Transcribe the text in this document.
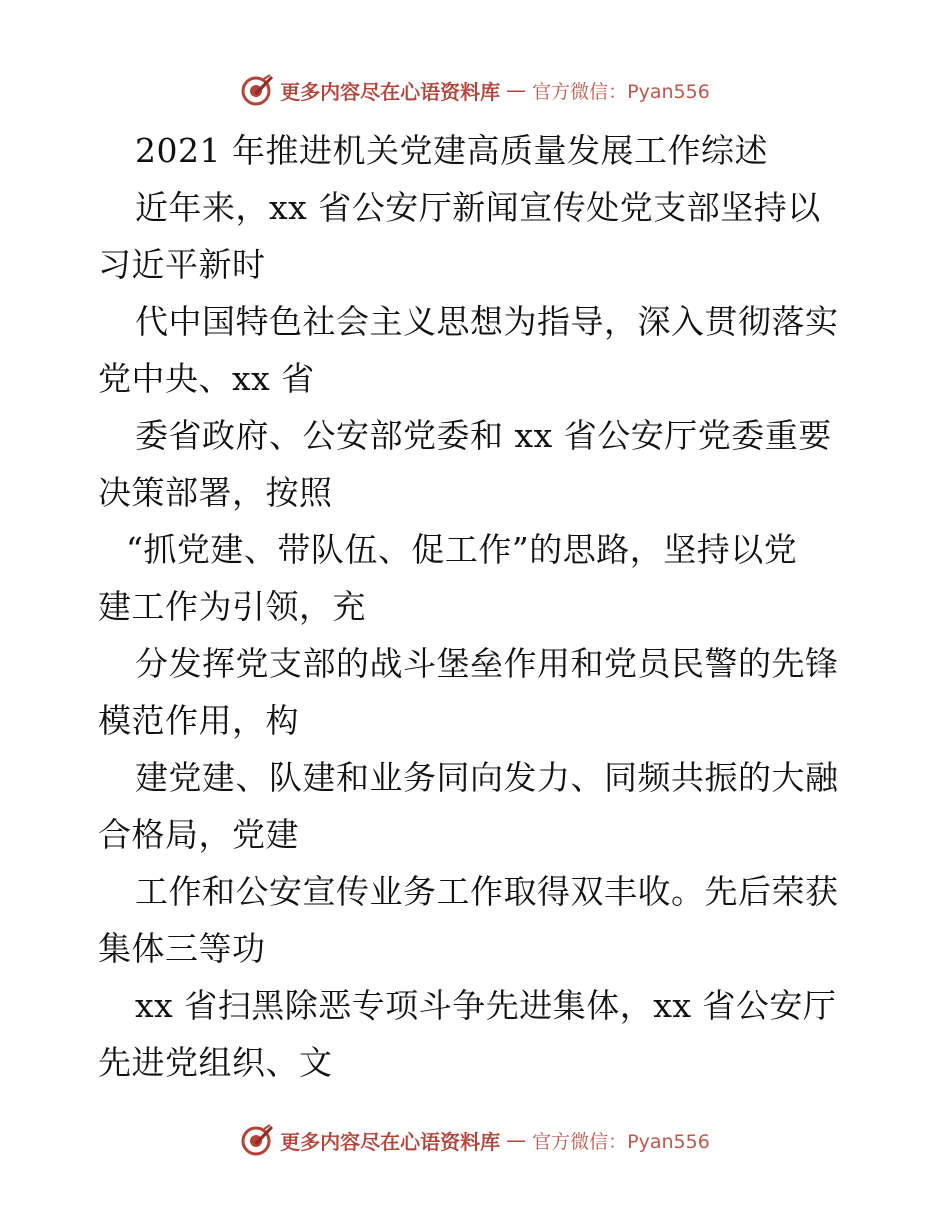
更多内容尽在心语资料库 — 官方微信：Pyan556
2021 年推进机关党建高质量发展工作综述
近年来，xx 省公安厅新闻宣传处党支部坚持以
习近平新时
代中国特色社会主义思想为指导，深入贯彻落实
党中央、xx 省
委省政府、公安部党委和 xx 省公安厅党委重要
决策部署，按照
“抓党建、带队伍、促工作”的思路，坚持以党
建工作为引领，充
分发挥党支部的战斗堡垒作用和党员民警的先锋
模范作用，构
建党建、队建和业务同向发力、同频共振的大融
合格局，党建
工作和公安宣传业务工作取得双丰收。先后荣获
集体三等功
xx 省扫黑除恶专项斗争先进集体，xx 省公安厅
先进党组织、文
更多内容尽在心语资料库 — 官方微信：Pyan556
